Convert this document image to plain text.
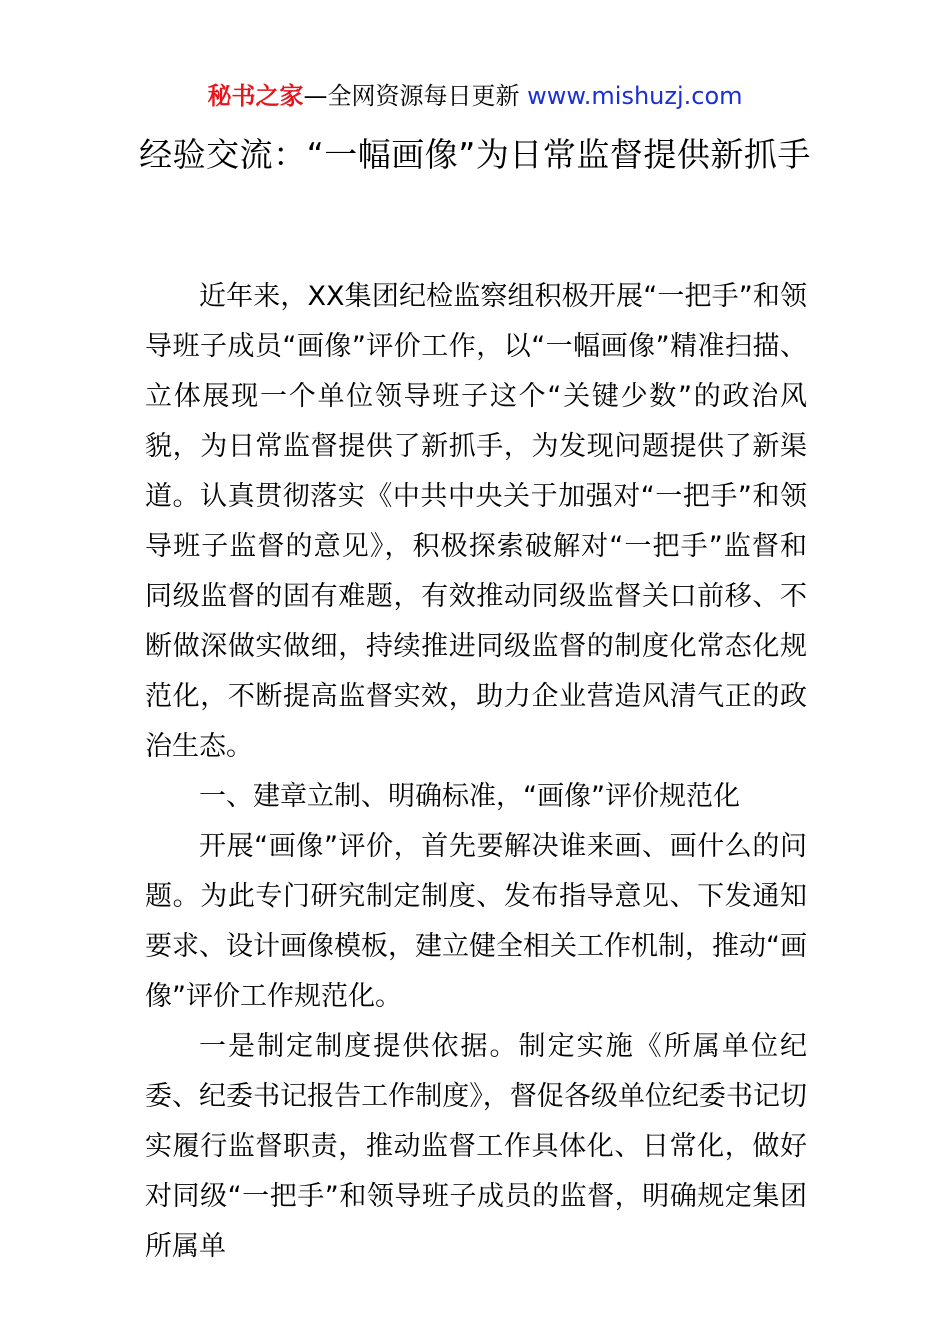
秘书之家—全网资源每日更新 www.mishuzj.com
经验交流：“一幅画像”为日常监督提供新抓手

近年来，XX集团纪检监察组积极开展“一把手”和领导班子成员“画像”评价工作，以“一幅画像”精准扫描、立体展现一个单位领导班子这个“关键少数”的政治风貌，为日常监督提供了新抓手，为发现问题提供了新渠道。认真贯彻落实《中共中央关于加强对“一把手”和领导班子监督的意见》，积极探索破解对“一把手”监督和同级监督的固有难题，有效推动同级监督关口前移、不断做深做实做细，持续推进同级监督的制度化常态化规范化，不断提高监督实效，助力企业营造风清气正的政治生态。

一、建章立制、明确标准，“画像”评价规范化

开展“画像”评价，首先要解决谁来画、画什么的问题。为此专门研究制定制度、发布指导意见、下发通知要求、设计画像模板，建立健全相关工作机制，推动“画像”评价工作规范化。

一是制定制度提供依据。制定实施《所属单位纪委、纪委书记报告工作制度》，督促各级单位纪委书记切实履行监督职责，推动监督工作具体化、日常化，做好对同级“一把手”和领导班子成员的监督，明确规定集团所属单
